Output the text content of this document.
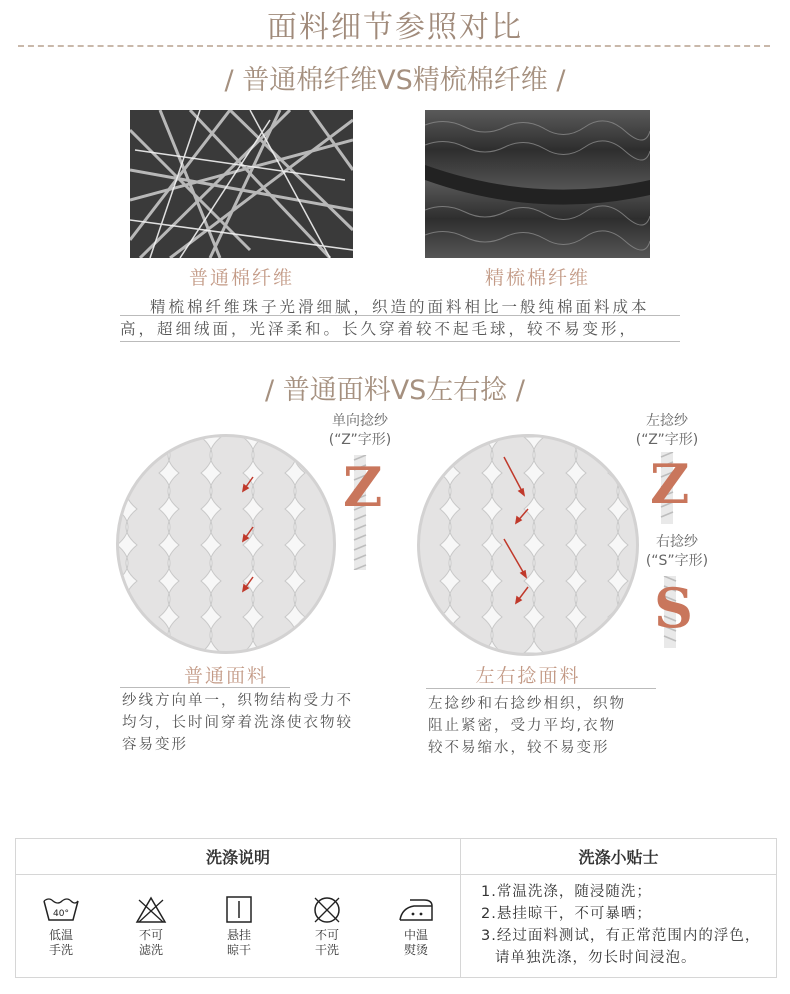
面料细节参照对比
/ 普通棉纤维VS精梳棉纤维 /
普通棉纤维	精梳棉纤维
精梳棉纤维珠子光滑细腻，织造的面料相比一般纯棉面料成本
高，超细绒面，光泽柔和。长久穿着较不起毛球，较不易变形，
/ 普通面料VS左右捻 /
单向捻纱
(“Z”字形)
Z
左捻纱
(“Z”字形)
Z
右捻纱
(“S”字形)
S
普通面料	左右捻面料
纱线方向单一，织物结构受力不
均匀，长时间穿着洗涤使衣物较
容易变形
左捻纱和右捻纱相织，织物
阻止紧密，受力平均,衣物
较不易缩水，较不易变形
洗涤说明	洗涤小贴士
40°
低温
手洗
不可
滤洗
悬挂
晾干
不可
干洗
中温
熨烫
1.常温洗涤，随浸随洗；
2.悬挂晾干，不可暴晒；
3.经过面料测试，有正常范围内的浮色，
请单独洗涤，勿长时间浸泡。
